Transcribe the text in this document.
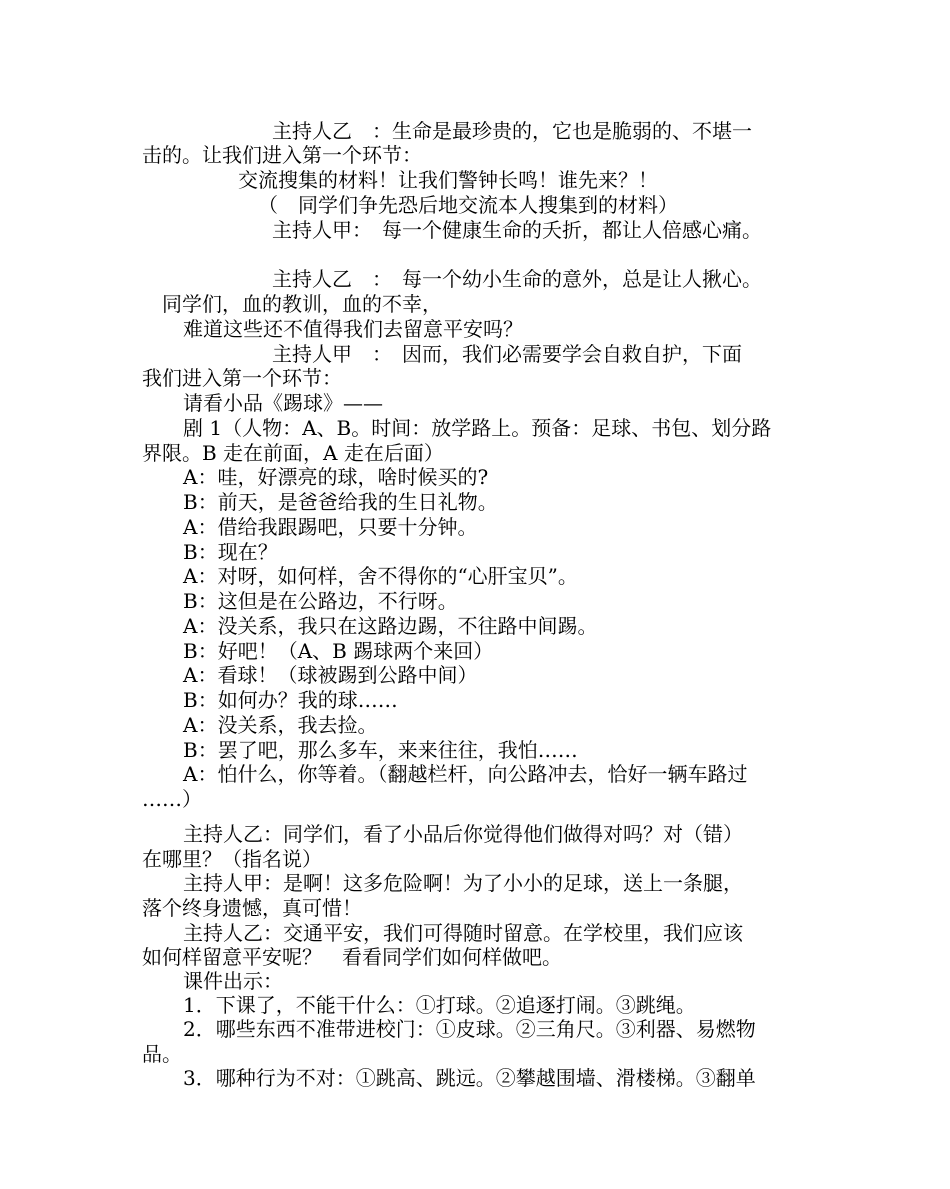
主持人乙　：生命是最珍贵的，它也是脆弱的、不堪一
击的。让我们进入第一个环节：
交流搜集的材料！让我们警钟长鸣！谁先来？！
（　同学们争先恐后地交流本人搜集到的材料）
主持人甲：　每一个健康生命的夭折，都让人倍感心痛。
主持人乙　：　每一个幼小生命的意外，总是让人揪心。
同学们，血的教训，血的不幸，
难道这些还不值得我们去留意平安吗？
主持人甲　：　因而，我们必需要学会自救自护，下面
我们进入第一个环节：
请看小品《踢球》——
剧 1（人物：A、B。时间：放学路上。预备：足球、书包、划分路
界限。B 走在前面，A 走在后面）
A：哇，好漂亮的球，啥时候买的?
B：前天，是爸爸给我的生日礼物。
A：借给我跟踢吧，只要十分钟。
B：现在？
A：对呀，如何样，舍不得你的“心肝宝贝”。
B：这但是在公路边，不行呀。
A：没关系，我只在这路边踢，不往路中间踢。
B：好吧！（A、B 踢球两个来回）
A：看球！（球被踢到公路中间）
B：如何办？我的球……
A：没关系，我去捡。
B：罢了吧，那么多车，来来往往，我怕……
A：怕什么，你等着。（翻越栏杆，向公路冲去，恰好一辆车路过
……）
主持人乙：同学们，看了小品后你觉得他们做得对吗？对（错）
在哪里？（指名说）
主持人甲：是啊！这多危险啊！为了小小的足球，送上一条腿，
落个终身遗憾，真可惜！
主持人乙：交通平安，我们可得随时留意。在学校里，我们应该
如何样留意平安呢？　看看同学们如何样做吧。
课件出示：
1．下课了，不能干什么：①打球。②追逐打闹。③跳绳。
2．哪些东西不准带进校门：①皮球。②三角尺。③利器、易燃物
品。
3．哪种行为不对：①跳高、跳远。②攀越围墙、滑楼梯。③翻单
